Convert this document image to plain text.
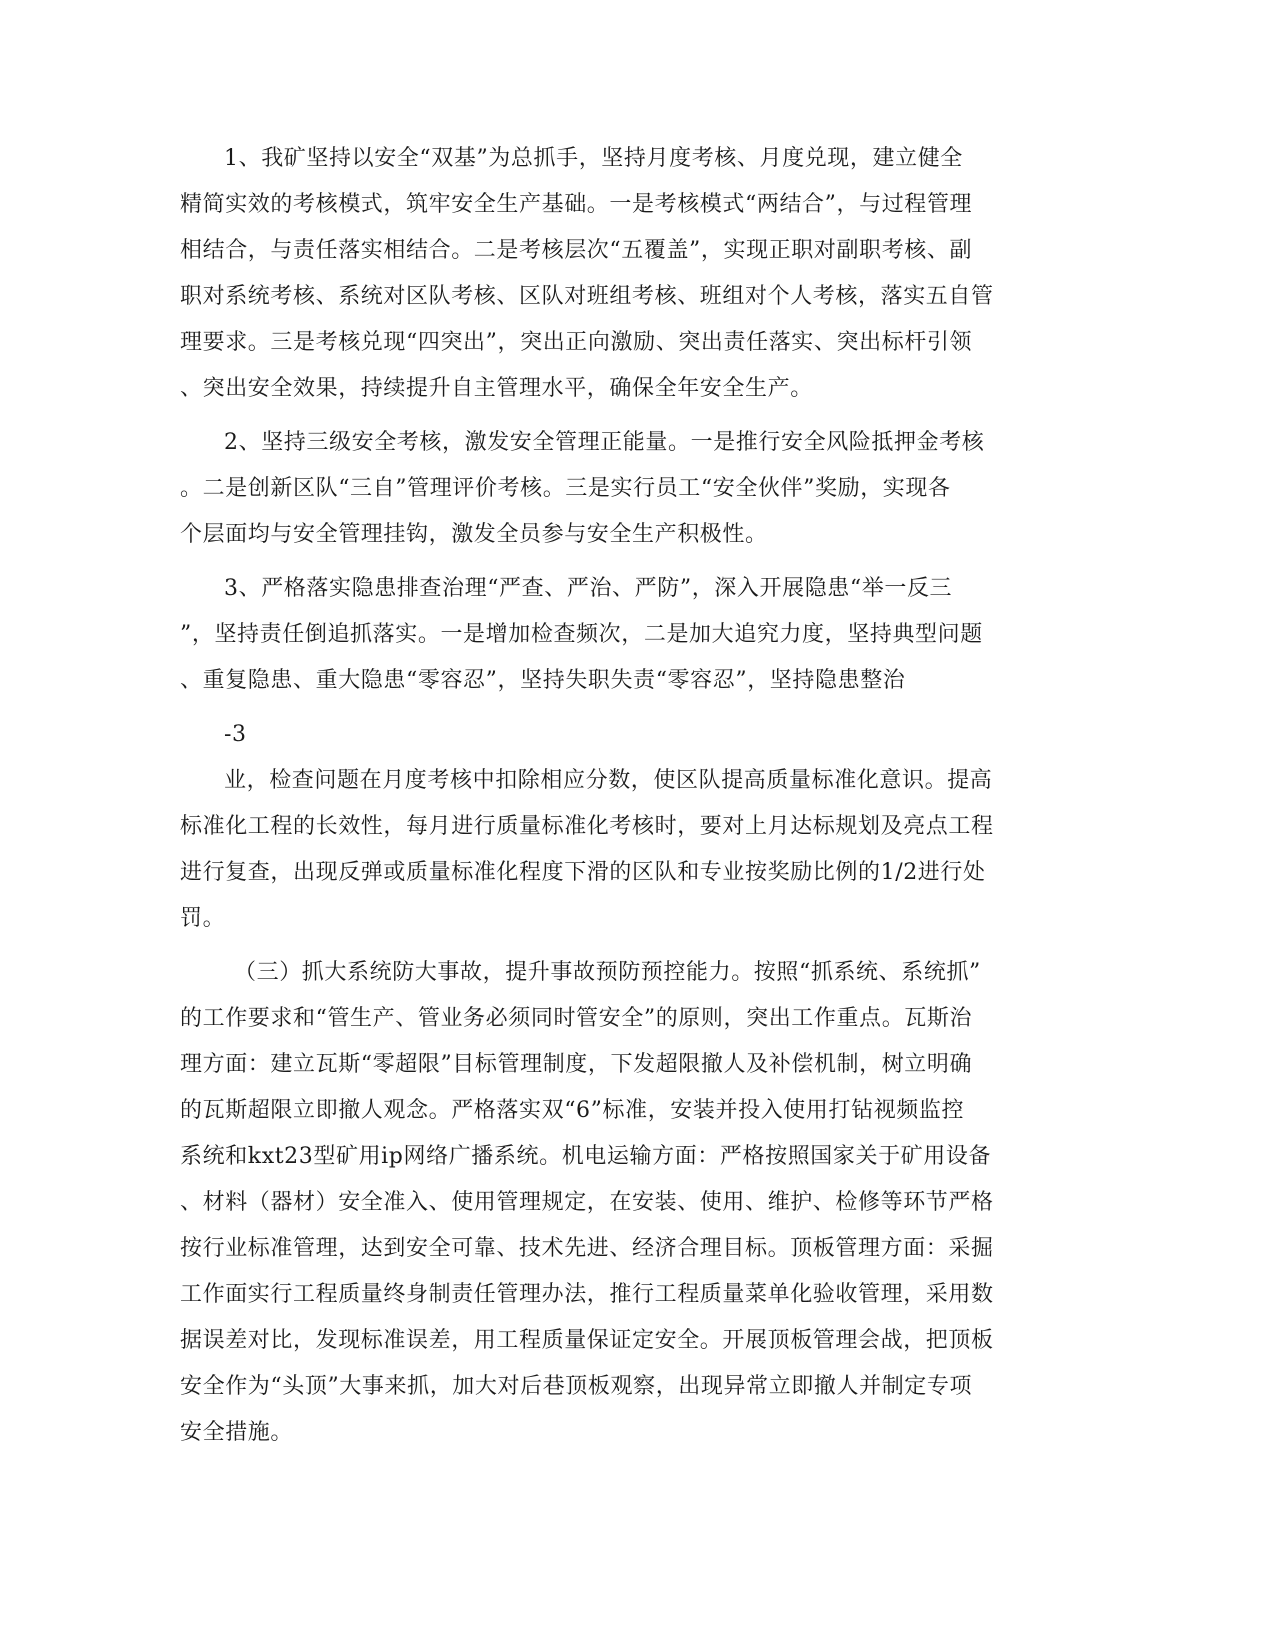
1、我矿坚持以安全“双基”为总抓手，坚持月度考核、月度兑现，建立健全
精简实效的考核模式，筑牢安全生产基础。一是考核模式“两结合”，与过程管理
相结合，与责任落实相结合。二是考核层次“五覆盖”，实现正职对副职考核、副
职对系统考核、系统对区队考核、区队对班组考核、班组对个人考核，落实五自管
理要求。三是考核兑现“四突出”，突出正向激励、突出责任落实、突出标杆引领
、突出安全效果，持续提升自主管理水平，确保全年安全生产。
2、坚持三级安全考核，激发安全管理正能量。一是推行安全风险抵押金考核
。二是创新区队“三自”管理评价考核。三是实行员工“安全伙伴”奖励，实现各
个层面均与安全管理挂钩，激发全员参与安全生产积极性。
3、严格落实隐患排查治理“严查、严治、严防”，深入开展隐患“举一反三
”，坚持责任倒追抓落实。一是增加检查频次，二是加大追究力度，坚持典型问题
、重复隐患、重大隐患“零容忍”，坚持失职失责“零容忍”，坚持隐患整治
-3
业，检查问题在月度考核中扣除相应分数，使区队提高质量标准化意识。提高
标准化工程的长效性，每月进行质量标准化考核时，要对上月达标规划及亮点工程
进行复查，出现反弹或质量标准化程度下滑的区队和专业按奖励比例的1/2进行处
罚。
（三）抓大系统防大事故，提升事故预防预控能力。按照“抓系统、系统抓”
的工作要求和“管生产、管业务必须同时管安全”的原则，突出工作重点。瓦斯治
理方面：建立瓦斯“零超限”目标管理制度，下发超限撤人及补偿机制，树立明确
的瓦斯超限立即撤人观念。严格落实双“6”标准，安装并投入使用打钻视频监控
系统和kxt23型矿用ip网络广播系统。机电运输方面：严格按照国家关于矿用设备
、材料（器材）安全准入、使用管理规定，在安装、使用、维护、检修等环节严格
按行业标准管理，达到安全可靠、技术先进、经济合理目标。顶板管理方面：采掘
工作面实行工程质量终身制责任管理办法，推行工程质量菜单化验收管理，采用数
据误差对比，发现标准误差，用工程质量保证定安全。开展顶板管理会战，把顶板
安全作为“头顶”大事来抓，加大对后巷顶板观察，出现异常立即撤人并制定专项
安全措施。
